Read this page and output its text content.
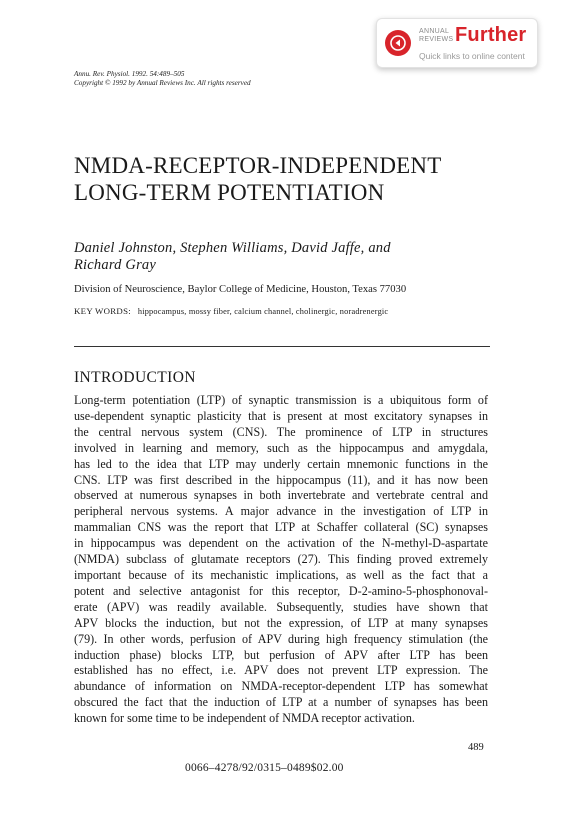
ANNUAL
REVIEWS Further
Quick links to online content
Annu. Rev. Physiol. 1992. 54:489–505
Copyright © 1992 by Annual Reviews Inc. All rights reserved
NMDA-RECEPTOR-INDEPENDENT
LONG-TERM POTENTIATION
Daniel Johnston, Stephen Williams, David Jaffe, and
Richard Gray
Division of Neuroscience, Baylor College of Medicine, Houston, Texas 77030
KEY WORDS: hippocampus, mossy fiber, calcium channel, cholinergic, noradrenergic
INTRODUCTION
Long-term potentiation (LTP) of synaptic transmission is a ubiquitous form of
use-dependent synaptic plasticity that is present at most excitatory synapses in
the central nervous system (CNS). The prominence of LTP in structures
involved in learning and memory, such as the hippocampus and amygdala,
has led to the idea that LTP may underly certain mnemonic functions in the
CNS. LTP was first described in the hippocampus (11), and it has now been
observed at numerous synapses in both invertebrate and vertebrate central and
peripheral nervous systems. A major advance in the investigation of LTP in
mammalian CNS was the report that LTP at Schaffer collateral (SC) synapses
in hippocampus was dependent on the activation of the N-methyl-D-aspartate
(NMDA) subclass of glutamate receptors (27). This finding proved extremely
important because of its mechanistic implications, as well as the fact that a
potent and selective antagonist for this receptor, D-2-amino-5-phosphonoval-
erate (APV) was readily available. Subsequently, studies have shown that
APV blocks the induction, but not the expression, of LTP at many synapses
(79). In other words, perfusion of APV during high frequency stimulation (the
induction phase) blocks LTP, but perfusion of APV after LTP has been
established has no effect, i.e. APV does not prevent LTP expression. The
abundance of information on NMDA-receptor-dependent LTP has somewhat
obscured the fact that the induction of LTP at a number of synapses has been
known for some time to be independent of NMDA receptor activation.
489
0066–4278/92/0315–0489$02.00
